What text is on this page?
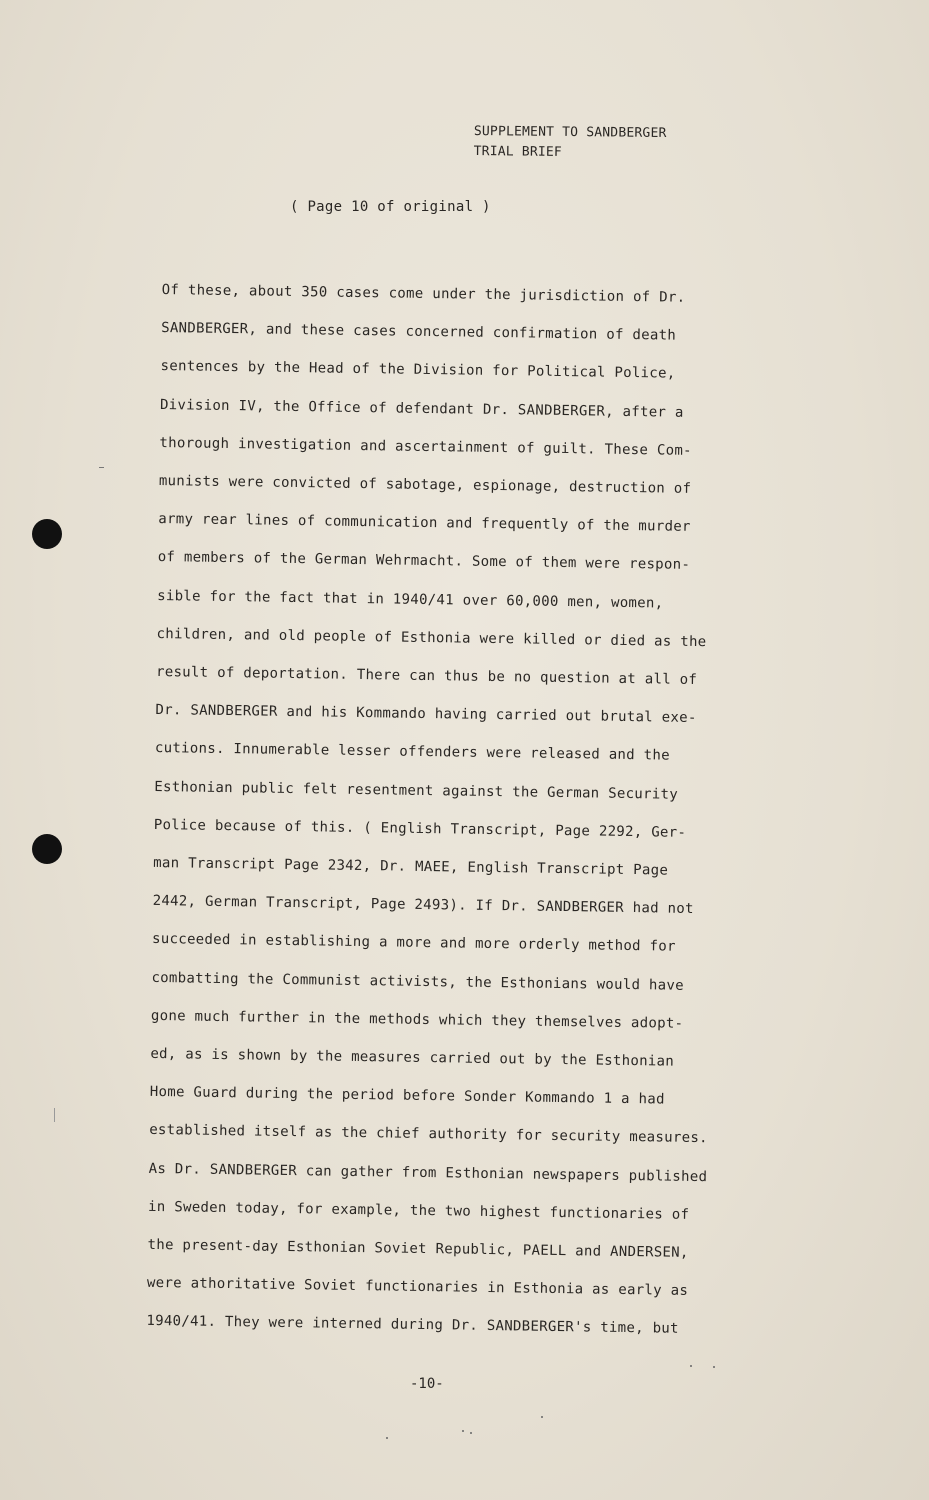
SUPPLEMENT TO SANDBERGER
TRIAL BRIEF
( Page 10 of original )
Of these, about 350 cases come under the jurisdiction of Dr.
SANDBERGER, and these cases concerned confirmation of death
sentences by the Head of the Division for Political Police,
Division IV, the Office of defendant Dr. SANDBERGER, after a
thorough investigation and ascertainment of guilt. These Com-
munists were convicted of sabotage, espionage, destruction of
army rear lines of communication and frequently of the murder
of members of the German Wehrmacht. Some of them were respon-
sible for the fact that in 1940/41 over 60,000 men, women,
children, and old people of Esthonia were killed or died as the
result of deportation. There can thus be no question at all of
Dr. SANDBERGER and his Kommando having carried out brutal exe-
cutions. Innumerable lesser offenders were released and the
Esthonian public felt resentment against the German Security
Police because of this. ( English Transcript, Page 2292, Ger-
man Transcript Page 2342, Dr. MAEE, English Transcript Page
2442, German Transcript, Page 2493). If Dr. SANDBERGER had not
succeeded in establishing a more and more orderly method for
combatting the Communist activists, the Esthonians would have
gone much further in the methods which they themselves adopt-
ed, as is shown by the measures carried out by the Esthonian
Home Guard during the period before Sonder Kommando 1 a had
established itself as the chief authority for security measures.
As Dr. SANDBERGER can gather from Esthonian newspapers published
in Sweden today, for example, the two highest functionaries of
the present-day Esthonian Soviet Republic, PAELL and ANDERSEN,
were athoritative Soviet functionaries in Esthonia as early as
1940/41. They were interned during Dr. SANDBERGER's time, but
-10-
